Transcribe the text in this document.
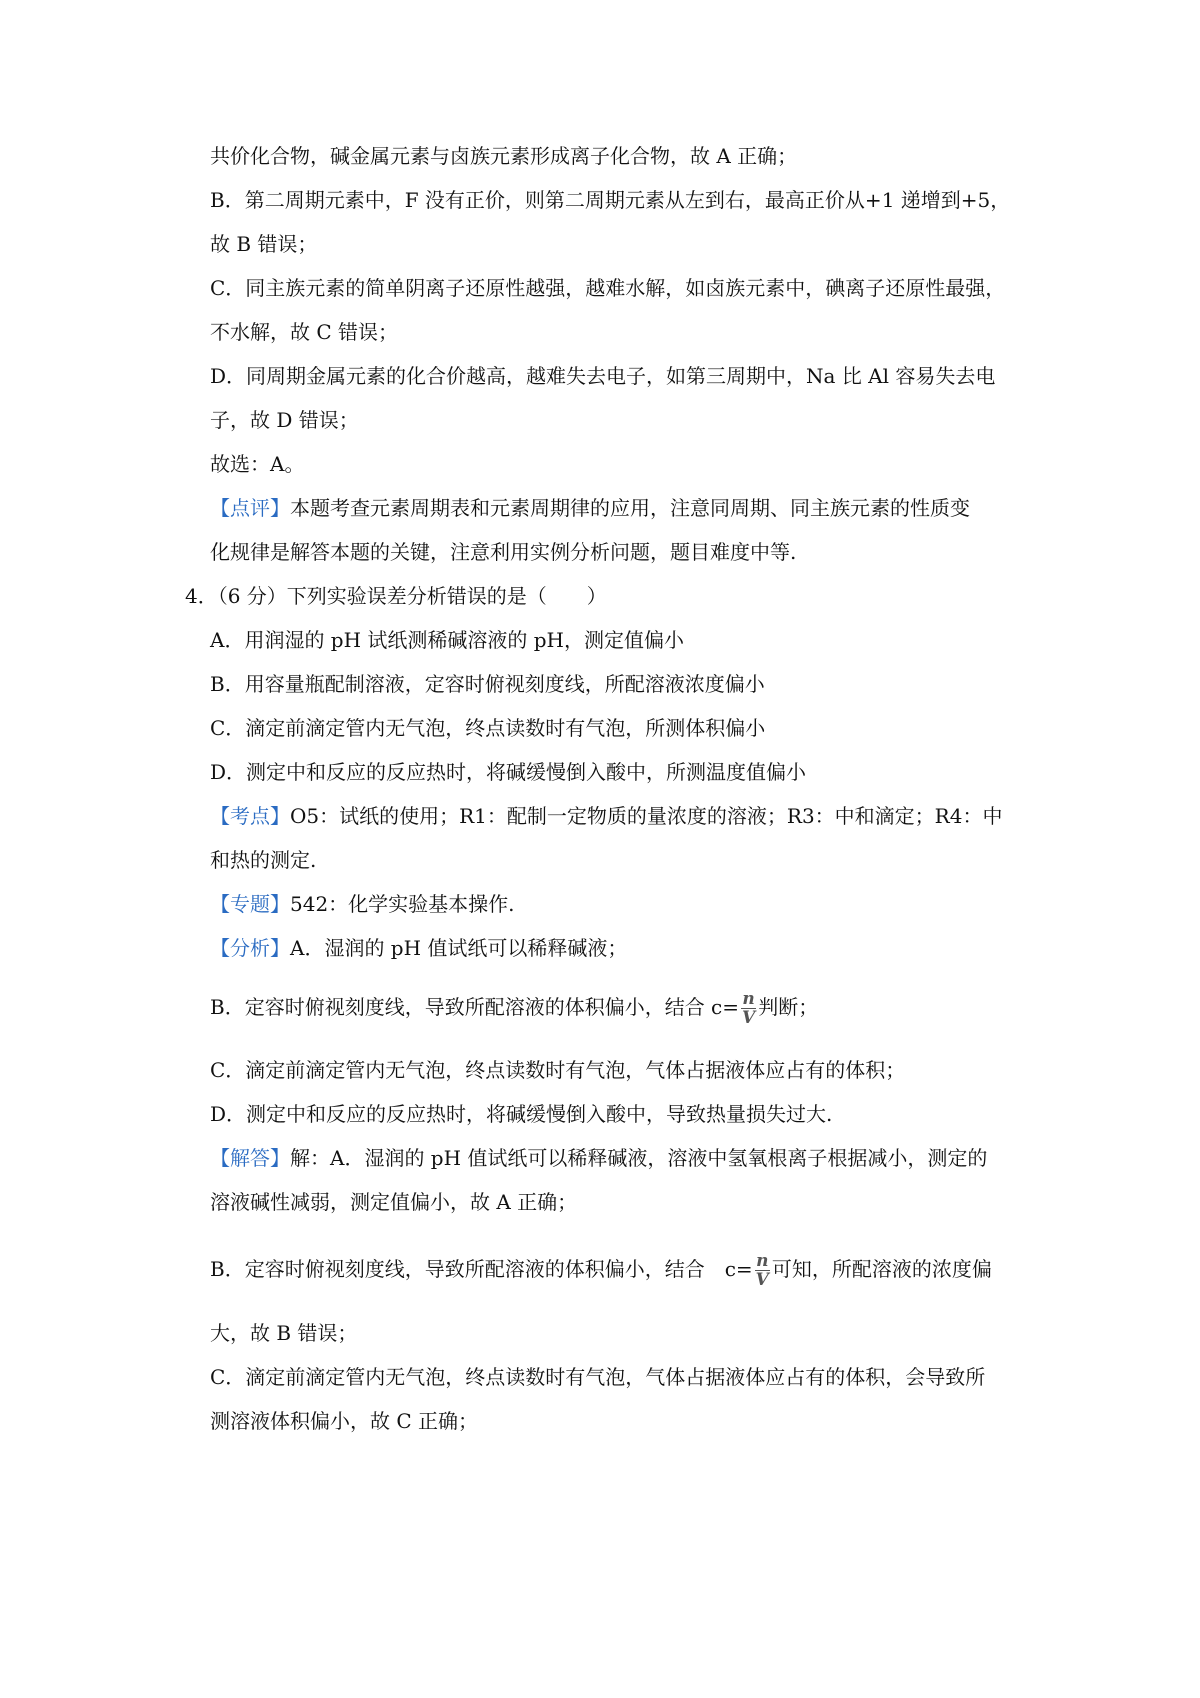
共价化合物，碱金属元素与卤族元素形成离子化合物，故 A 正确；
B．第二周期元素中，F 没有正价，则第二周期元素从左到右，最高正价从+1 递增到+5，
故 B 错误；
C．同主族元素的简单阴离子还原性越强，越难水解，如卤族元素中，碘离子还原性最强，
不水解，故 C 错误；
D．同周期金属元素的化合价越高，越难失去电子，如第三周期中，Na 比 Al 容易失去电
子，故 D 错误；
故选：A。
【点评】本题考查元素周期表和元素周期律的应用，注意同周期、同主族元素的性质变
化规律是解答本题的关键，注意利用实例分析问题，题目难度中等.
4．（6 分）下列实验误差分析错误的是（　　）
A．用润湿的 pH 试纸测稀碱溶液的 pH，测定值偏小
B．用容量瓶配制溶液，定容时俯视刻度线，所配溶液浓度偏小
C．滴定前滴定管内无气泡，终点读数时有气泡，所测体积偏小
D．测定中和反应的反应热时，将碱缓慢倒入酸中，所测温度值偏小
【考点】O5：试纸的使用；R1：配制一定物质的量浓度的溶液；R3：中和滴定；R4：中
和热的测定.
【专题】542：化学实验基本操作.
【分析】A．湿润的 pH 值试纸可以稀释碱液；
B．定容时俯视刻度线，导致所配溶液的体积偏小，结合 $c= \frac{n}{V}$ 判断；
C．滴定前滴定管内无气泡，终点读数时有气泡，气体占据液体应占有的体积；
D．测定中和反应的反应热时，将碱缓慢倒入酸中，导致热量损失过大.
【解答】解：A．湿润的 pH 值试纸可以稀释碱液，溶液中氢氧根离子根据减小，测定的
溶液碱性减弱，测定值偏小，故 A 正确；
B．定容时俯视刻度线，导致所配溶液的体积偏小，结合　$c= \frac{n}{V}$ 可知，所配溶液的浓度偏
大，故 B 错误；
C．滴定前滴定管内无气泡，终点读数时有气泡，气体占据液体应占有的体积，会导致所
测溶液体积偏小，故 C 正确；
